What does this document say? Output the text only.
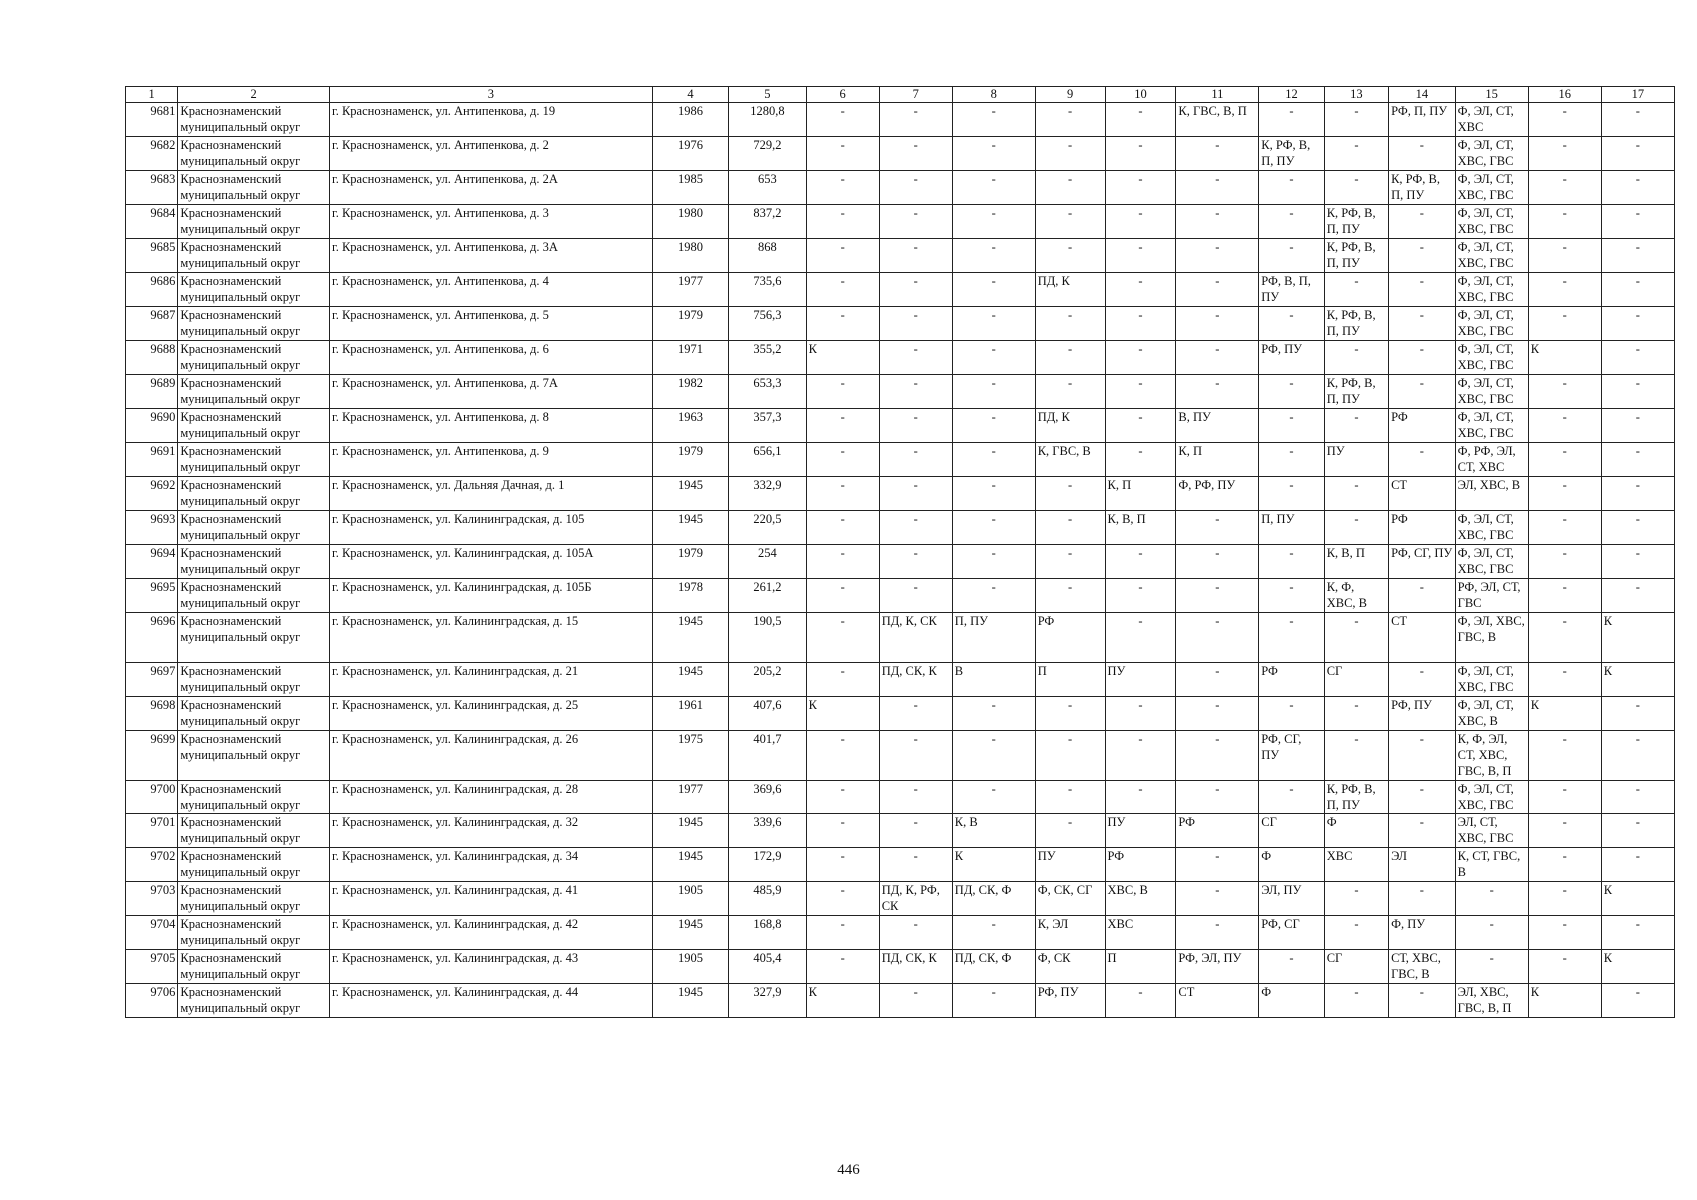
1	2	3	4	5	6	7	8	9	10	11	12	13	14	15	16	17
9681	Краснознаменский муниципальный округ	г. Краснознаменск, ул. Антипенкова, д. 19	1986	1280,8	-	-	-	-	-	К, ГВС, В, П	-	-	РФ, П, ПУ	Ф, ЭЛ, СТ, ХВС	-	-
9682	Краснознаменский муниципальный округ	г. Краснознаменск, ул. Антипенкова, д. 2	1976	729,2	-	-	-	-	-	-	К, РФ, В, П, ПУ	-	-	Ф, ЭЛ, СТ, ХВС, ГВС	-	-
9683	Краснознаменский муниципальный округ	г. Краснознаменск, ул. Антипенкова, д. 2А	1985	653	-	-	-	-	-	-	-	-	К, РФ, В, П, ПУ	Ф, ЭЛ, СТ, ХВС, ГВС	-	-
9684	Краснознаменский муниципальный округ	г. Краснознаменск, ул. Антипенкова, д. 3	1980	837,2	-	-	-	-	-	-	-	К, РФ, В, П, ПУ	-	Ф, ЭЛ, СТ, ХВС, ГВС	-	-
9685	Краснознаменский муниципальный округ	г. Краснознаменск, ул. Антипенкова, д. 3А	1980	868	-	-	-	-	-	-	-	К, РФ, В, П, ПУ	-	Ф, ЭЛ, СТ, ХВС, ГВС	-	-
9686	Краснознаменский муниципальный округ	г. Краснознаменск, ул. Антипенкова, д. 4	1977	735,6	-	-	-	ПД, К	-	-	РФ, В, П, ПУ	-	-	Ф, ЭЛ, СТ, ХВС, ГВС	-	-
9687	Краснознаменский муниципальный округ	г. Краснознаменск, ул. Антипенкова, д. 5	1979	756,3	-	-	-	-	-	-	-	К, РФ, В, П, ПУ	-	Ф, ЭЛ, СТ, ХВС, ГВС	-	-
9688	Краснознаменский муниципальный округ	г. Краснознаменск, ул. Антипенкова, д. 6	1971	355,2	К	-	-	-	-	-	РФ, ПУ	-	-	Ф, ЭЛ, СТ, ХВС, ГВС	К	-
9689	Краснознаменский муниципальный округ	г. Краснознаменск, ул. Антипенкова, д. 7А	1982	653,3	-	-	-	-	-	-	-	К, РФ, В, П, ПУ	-	Ф, ЭЛ, СТ, ХВС, ГВС	-	-
9690	Краснознаменский муниципальный округ	г. Краснознаменск, ул. Антипенкова, д. 8	1963	357,3	-	-	-	ПД, К	-	В, ПУ	-	-	РФ	Ф, ЭЛ, СТ, ХВС, ГВС	-	-
9691	Краснознаменский муниципальный округ	г. Краснознаменск, ул. Антипенкова, д. 9	1979	656,1	-	-	-	К, ГВС, В	-	К, П	-	ПУ	-	Ф, РФ, ЭЛ, СТ, ХВС	-	-
9692	Краснознаменский муниципальный округ	г. Краснознаменск, ул. Дальняя Дачная, д. 1	1945	332,9	-	-	-	-	К, П	Ф, РФ, ПУ	-	-	СТ	ЭЛ, ХВС, В	-	-
9693	Краснознаменский муниципальный округ	г. Краснознаменск, ул. Калининградская, д. 105	1945	220,5	-	-	-	-	К, В, П	-	П, ПУ	-	РФ	Ф, ЭЛ, СТ, ХВС, ГВС	-	-
9694	Краснознаменский муниципальный округ	г. Краснознаменск, ул. Калининградская, д. 105А	1979	254	-	-	-	-	-	-	-	К, В, П	РФ, СГ, ПУ	Ф, ЭЛ, СТ, ХВС, ГВС	-	-
9695	Краснознаменский муниципальный округ	г. Краснознаменск, ул. Калининградская, д. 105Б	1978	261,2	-	-	-	-	-	-	-	К, Ф, ХВС, В	-	РФ, ЭЛ, СТ, ГВС	-	-
9696	Краснознаменский муниципальный округ	г. Краснознаменск, ул. Калининградская, д. 15	1945	190,5	-	ПД, К, СК	П, ПУ	РФ	-	-	-	-	СТ	Ф, ЭЛ, ХВС, ГВС, В	-	К
9697	Краснознаменский муниципальный округ	г. Краснознаменск, ул. Калининградская, д. 21	1945	205,2	-	ПД, СК, К	В	П	ПУ	-	РФ	СГ	-	Ф, ЭЛ, СТ, ХВС, ГВС	-	К
9698	Краснознаменский муниципальный округ	г. Краснознаменск, ул. Калининградская, д. 25	1961	407,6	К	-	-	-	-	-	-	-	РФ, ПУ	Ф, ЭЛ, СТ, ХВС, В	К	-
9699	Краснознаменский муниципальный округ	г. Краснознаменск, ул. Калининградская, д. 26	1975	401,7	-	-	-	-	-	-	РФ, СГ, ПУ	-	-	К, Ф, ЭЛ, СТ, ХВС, ГВС, В, П	-	-
9700	Краснознаменский муниципальный округ	г. Краснознаменск, ул. Калининградская, д. 28	1977	369,6	-	-	-	-	-	-	-	К, РФ, В, П, ПУ	-	Ф, ЭЛ, СТ, ХВС, ГВС	-	-
9701	Краснознаменский муниципальный округ	г. Краснознаменск, ул. Калининградская, д. 32	1945	339,6	-	-	К, В	-	ПУ	РФ	СГ	Ф	-	ЭЛ, СТ, ХВС, ГВС	-	-
9702	Краснознаменский муниципальный округ	г. Краснознаменск, ул. Калининградская, д. 34	1945	172,9	-	-	К	ПУ	РФ	-	Ф	ХВС	ЭЛ	К, СТ, ГВС, В	-	-
9703	Краснознаменский муниципальный округ	г. Краснознаменск, ул. Калининградская, д. 41	1905	485,9	-	ПД, К, РФ, СК	ПД, СК, Ф	Ф, СК, СГ	ХВС, В	-	ЭЛ, ПУ	-	-	-	-	К
9704	Краснознаменский муниципальный округ	г. Краснознаменск, ул. Калининградская, д. 42	1945	168,8	-	-	-	К, ЭЛ	ХВС	-	РФ, СГ	-	Ф, ПУ	-	-	-
9705	Краснознаменский муниципальный округ	г. Краснознаменск, ул. Калининградская, д. 43	1905	405,4	-	ПД, СК, К	ПД, СК, Ф	Ф, СК	П	РФ, ЭЛ, ПУ	-	СГ	СТ, ХВС, ГВС, В	-	-	К
9706	Краснознаменский муниципальный округ	г. Краснознаменск, ул. Калининградская, д. 44	1945	327,9	К	-	-	РФ, ПУ	-	СТ	Ф	-	-	ЭЛ, ХВС, ГВС, В, П	К	-
446
